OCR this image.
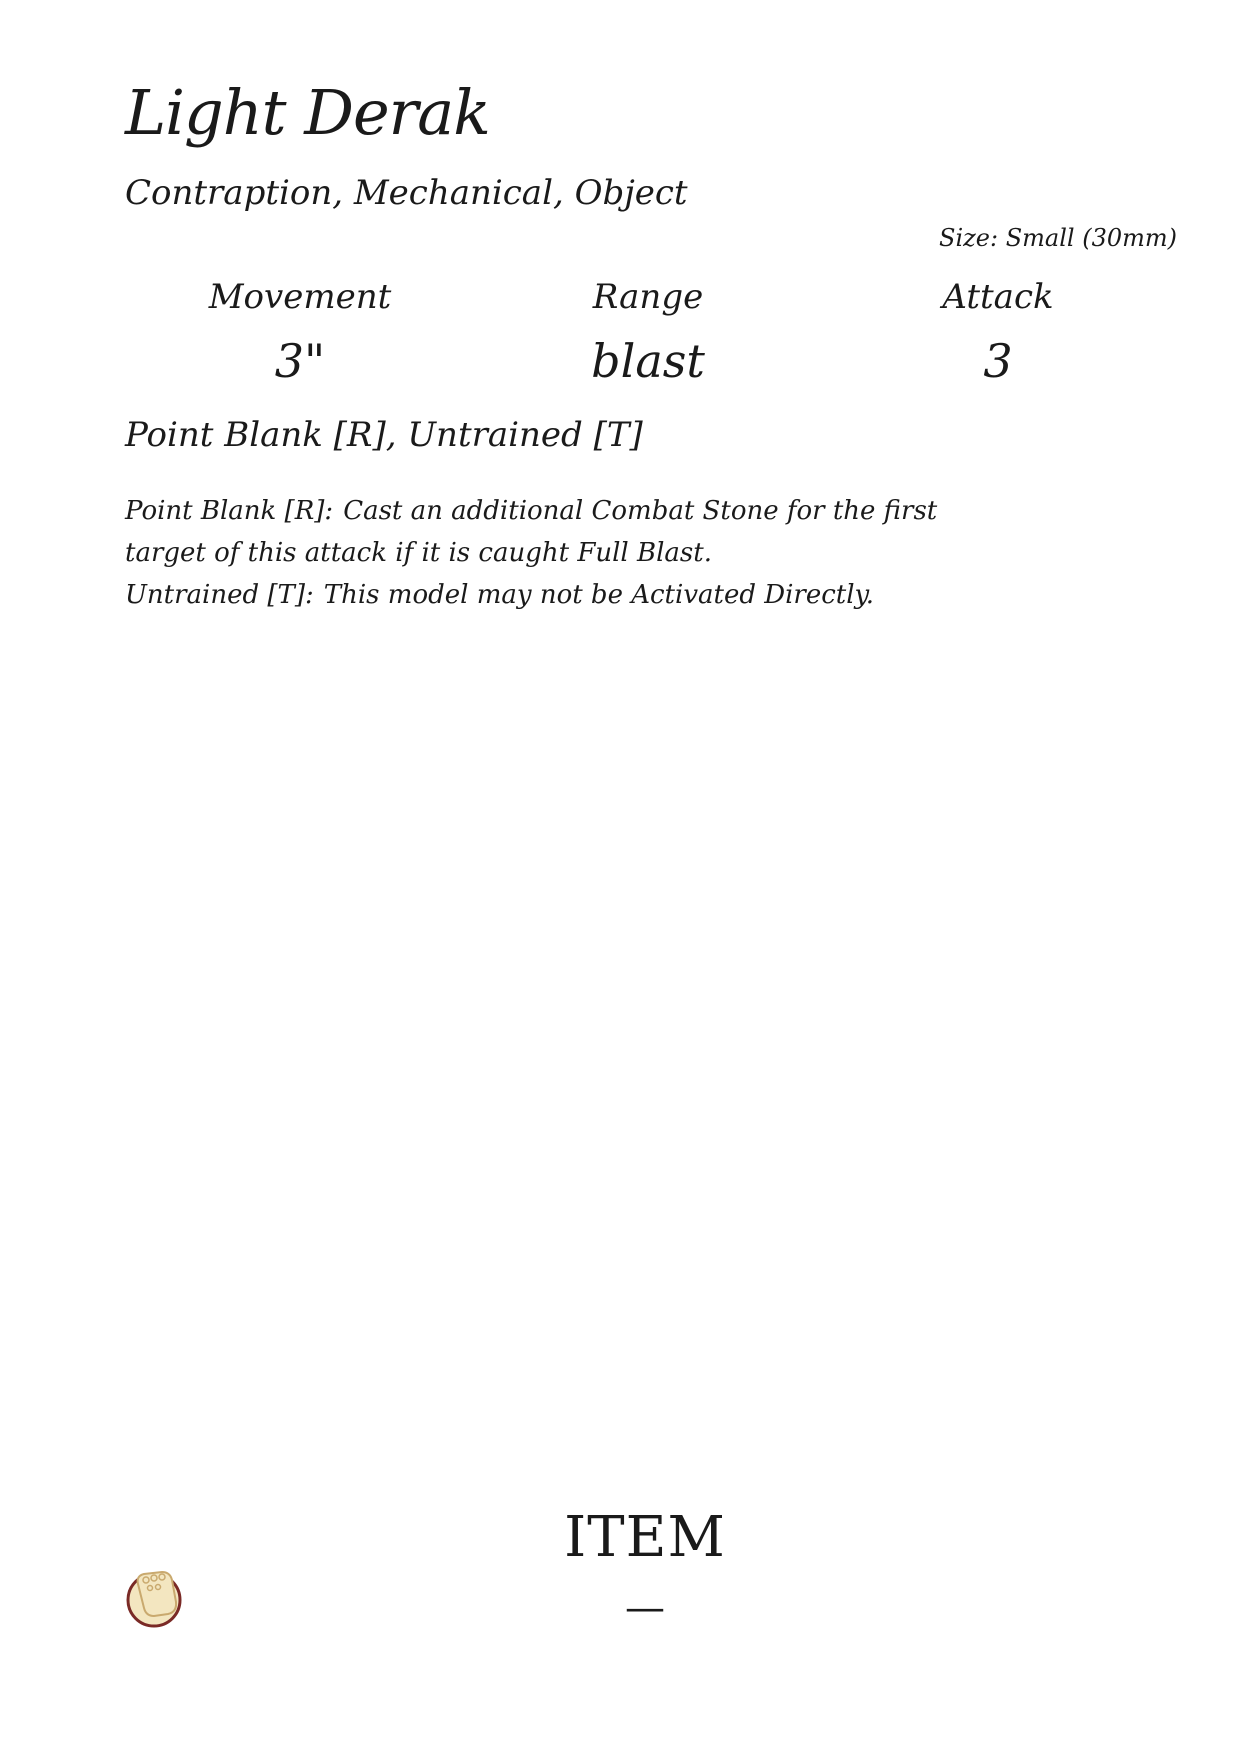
Light Derak
Contraption, Mechanical, Object
Size: Small (30mm)
Movement
3"
Range
blast
Attack
3
Point Blank [R], Untrained [T]
Point Blank [R]: Cast an additional Combat Stone for the first target of this attack if it is caught Full Blast.
Untrained [T]: This model may not be Activated Directly.
ITEM
—
